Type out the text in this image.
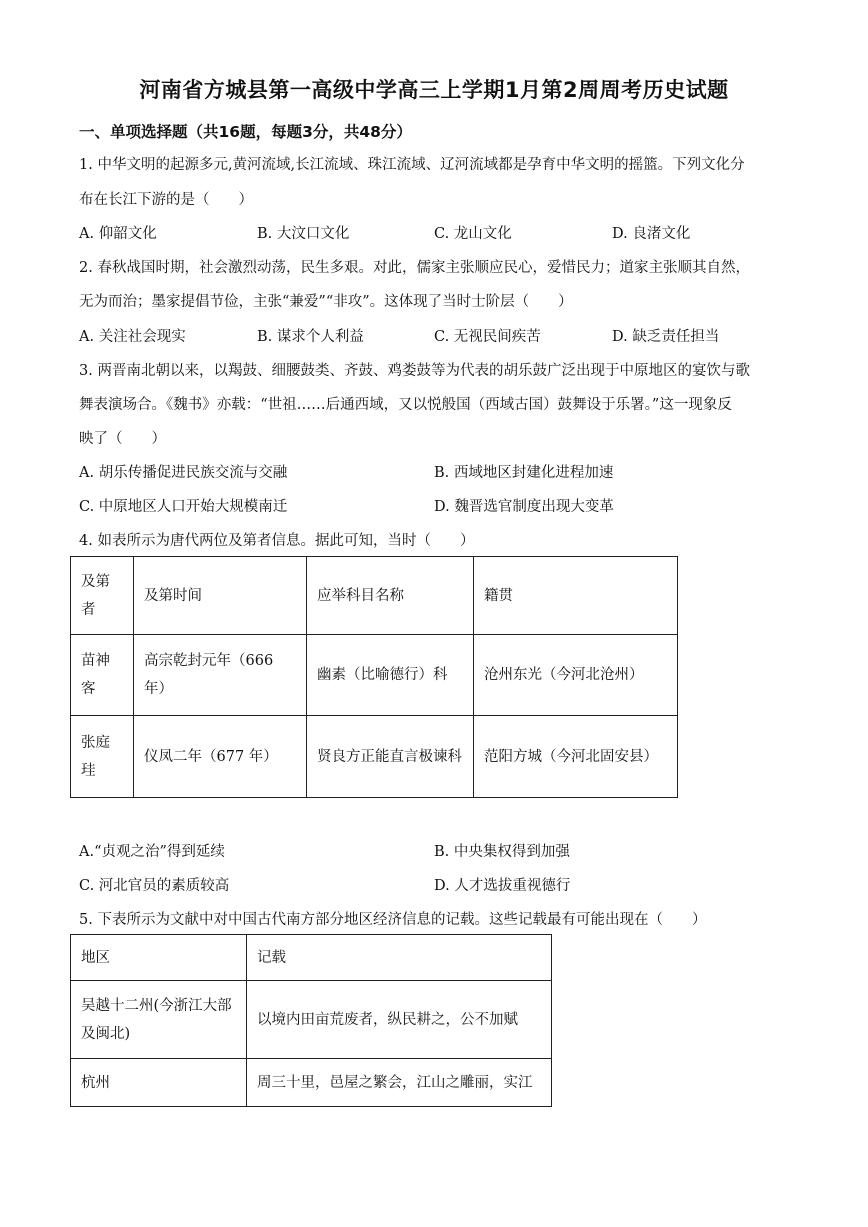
河南省方城县第一高级中学高三上学期1月第2周周考历史试题
一、单项选择题（共16题，每题3分，共48分）
1. 中华文明的起源多元,黄河流域,长江流域、珠江流域、辽河流域都是孕育中华文明的摇篮。下列文化分
布在长江下游的是（　　）
A. 仰韶文化	B. 大汶口文化	C. 龙山文化	D. 良渚文化
2. 春秋战国时期，社会激烈动荡，民生多艰。对此，儒家主张顺应民心，爱惜民力；道家主张顺其自然，
无为而治；墨家提倡节俭，主张“兼爱”“非攻”。这体现了当时士阶层（　　）
A. 关注社会现实	B. 谋求个人利益	C. 无视民间疾苦	D. 缺乏责任担当
3. 两晋南北朝以来，以羯鼓、细腰鼓类、齐鼓、鸡娄鼓等为代表的胡乐鼓广泛出现于中原地区的宴饮与歌
舞表演场合。《魏书》亦载：“世祖……后通西域，又以悦般国（西域古国）鼓舞设于乐署。”这一现象反
映了（　　）
A. 胡乐传播促进民族交流与交融	B. 西域地区封建化进程加速
C. 中原地区人口开始大规模南迁	D. 魏晋选官制度出现大变革
4. 如表所示为唐代两位及第者信息。据此可知，当时（　　）
及第者	及第时间	应举科目名称	籍贯
苗神客	高宗乾封元年（666 年）	幽素（比喻德行）科	沧州东光（今河北沧州）
张庭珪	仪凤二年（677 年）	贤良方正能直言极谏科	范阳方城（今河北固安县）
A.“贞观之治”得到延续	B. 中央集权得到加强
C. 河北官员的素质较高	D. 人才选拔重视德行
5. 下表所示为文献中对中国古代南方部分地区经济信息的记载。这些记载最有可能出现在（　　）
地区	记载
吴越十二州(今浙江大部及闽北)	以境内田亩荒废者，纵民耕之，公不加赋
杭州	周三十里，邑屋之繁会，江山之雕丽，实江
